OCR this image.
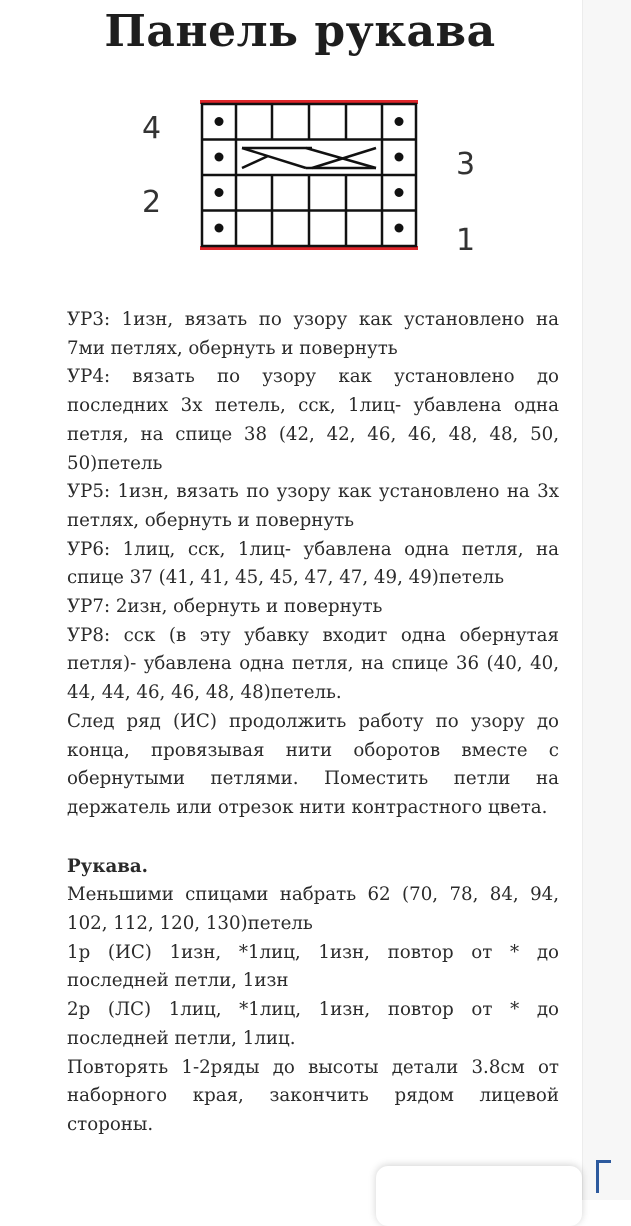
Панель рукава
4
2
3
1

УР3: 1изн, вязать по узору как установлено на 7ми петлях, обернуть и повернуть

УР4: вязать по узору как установлено до последних 3х петель, сск, 1лиц- убавлена одна петля, на спице 38 (42, 42, 46, 46, 48, 48, 50, 50)петель

УР5: 1изн, вязать по узору как установлено на 3х петлях, обернуть и повернуть

УР6: 1лиц, сск, 1лиц- убавлена одна петля, на спице 37 (41, 41, 45, 45, 47, 47, 49, 49)петель

УР7: 2изн, обернуть и повернуть

УР8: сск (в эту убавку входит одна обернутая петля)- убавлена одна петля, на спице 36 (40, 40, 44, 44, 46, 46, 48, 48)петель.

След ряд (ИС) продолжить работу по узору до конца, провязывая нити оборотов вместе с обернутыми петлями. Поместить петли на держатель или отрезок нити контрастного цвета.

Рукава.

Меньшими спицами набрать 62 (70, 78, 84, 94, 102, 112, 120, 130)петель

1р (ИС) 1изн, *1лиц, 1изн, повтор от * до последней петли, 1изн

2р (ЛС) 1лиц, *1лиц, 1изн, повтор от * до последней петли, 1лиц.

Повторять 1-2ряды до высоты детали 3.8см от наборного края, закончить рядом лицевой стороны.
